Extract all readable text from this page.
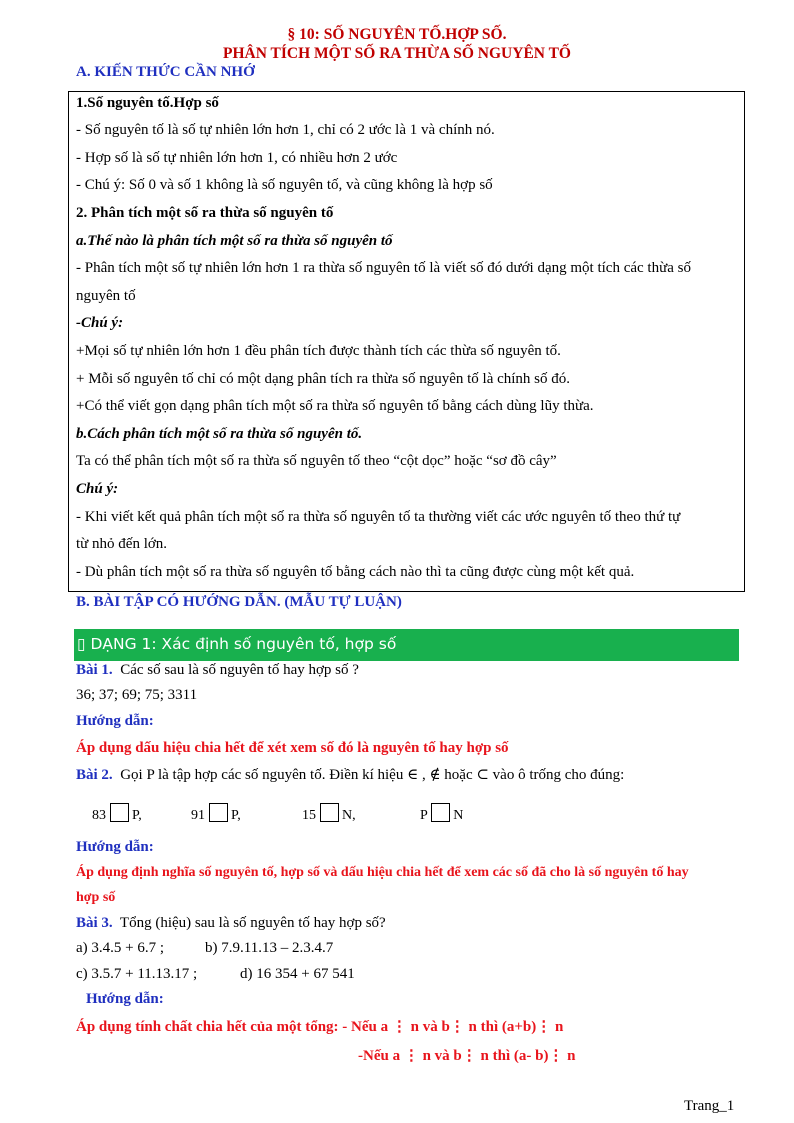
§ 10: SỐ NGUYÊN TỐ.HỢP SỐ.
PHÂN TÍCH MỘT SỐ RA THỪA SỐ NGUYÊN TỐ
A. KIẾN THỨC CẦN NHỚ
1.Số nguyên tố.Hợp số
- Số nguyên tố là số tự nhiên lớn hơn 1, chỉ có 2 ước là 1 và chính nó.
- Hợp số là số tự nhiên lớn hơn 1, có nhiều hơn 2 ước
- Chú ý: Số 0 và số 1 không là số nguyên tố, và cũng không là hợp số
2. Phân tích một số ra thừa số nguyên tố
a.Thế nào là phân tích một số ra thừa số nguyên tố
- Phân tích một số tự nhiên lớn hơn 1 ra thừa số nguyên tố là viết số đó dưới dạng một tích các thừa số
nguyên tố
-Chú ý:
+Mọi số tự nhiên lớn hơn 1 đều phân tích được thành tích các thừa số nguyên tố.
+ Mỗi số nguyên tố chỉ có một dạng phân tích ra thừa số nguyên tố là chính số đó.
+Có thể viết gọn dạng phân tích một số ra thừa số nguyên tố bằng cách dùng lũy thừa.
b.Cách phân tích một số ra thừa số nguyên tố.
Ta có thể phân tích một số ra thừa số nguyên tố theo “cột dọc” hoặc “sơ đồ cây”
Chú ý:
- Khi viết kết quả phân tích một số ra thừa số nguyên tố ta thường viết các ước nguyên tố theo thứ tự
từ nhỏ đến lớn.
- Dù phân tích một số ra thừa số nguyên tố bằng cách nào thì ta cũng được cùng một kết quả.
B. BÀI TẬP CÓ HƯỚNG DẪN. (MẪU TỰ LUẬN)
▯ DẠNG 1: Xác định số nguyên tố, hợp số
Bài 1. Các số sau là số nguyên tố hay hợp số ?
36; 37; 69; 75; 3311
Hướng dẫn:
Áp dụng dấu hiệu chia hết để xét xem số đó là nguyên tố hay hợp số
Bài 2. Gọi P là tập hợp các số nguyên tố. Điền kí hiệu ∈ , ∉ hoặc ⊂ vào ô trống cho đúng:
83 P,	91 P,	15 N,	P N
Hướng dẫn:
Áp dụng định nghĩa số nguyên tố, hợp số và dấu hiệu chia hết để xem các số đã cho là số nguyên tố hay
hợp số
Bài 3. Tổng (hiệu) sau là số nguyên tố hay hợp số?
a) 3.4.5 + 6.7 ;	b) 7.9.11.13 – 2.3.4.7
c) 3.5.7 + 11.13.17 ;	d) 16 354 + 67 541
Hướng dẫn:
Áp dụng tính chất chia hết của một tổng: - Nếu a ⋮ n và b⋮ n thì (a+b)⋮ n
-Nếu a ⋮ n và b⋮ n thì (a- b)⋮ n
Trang_1
